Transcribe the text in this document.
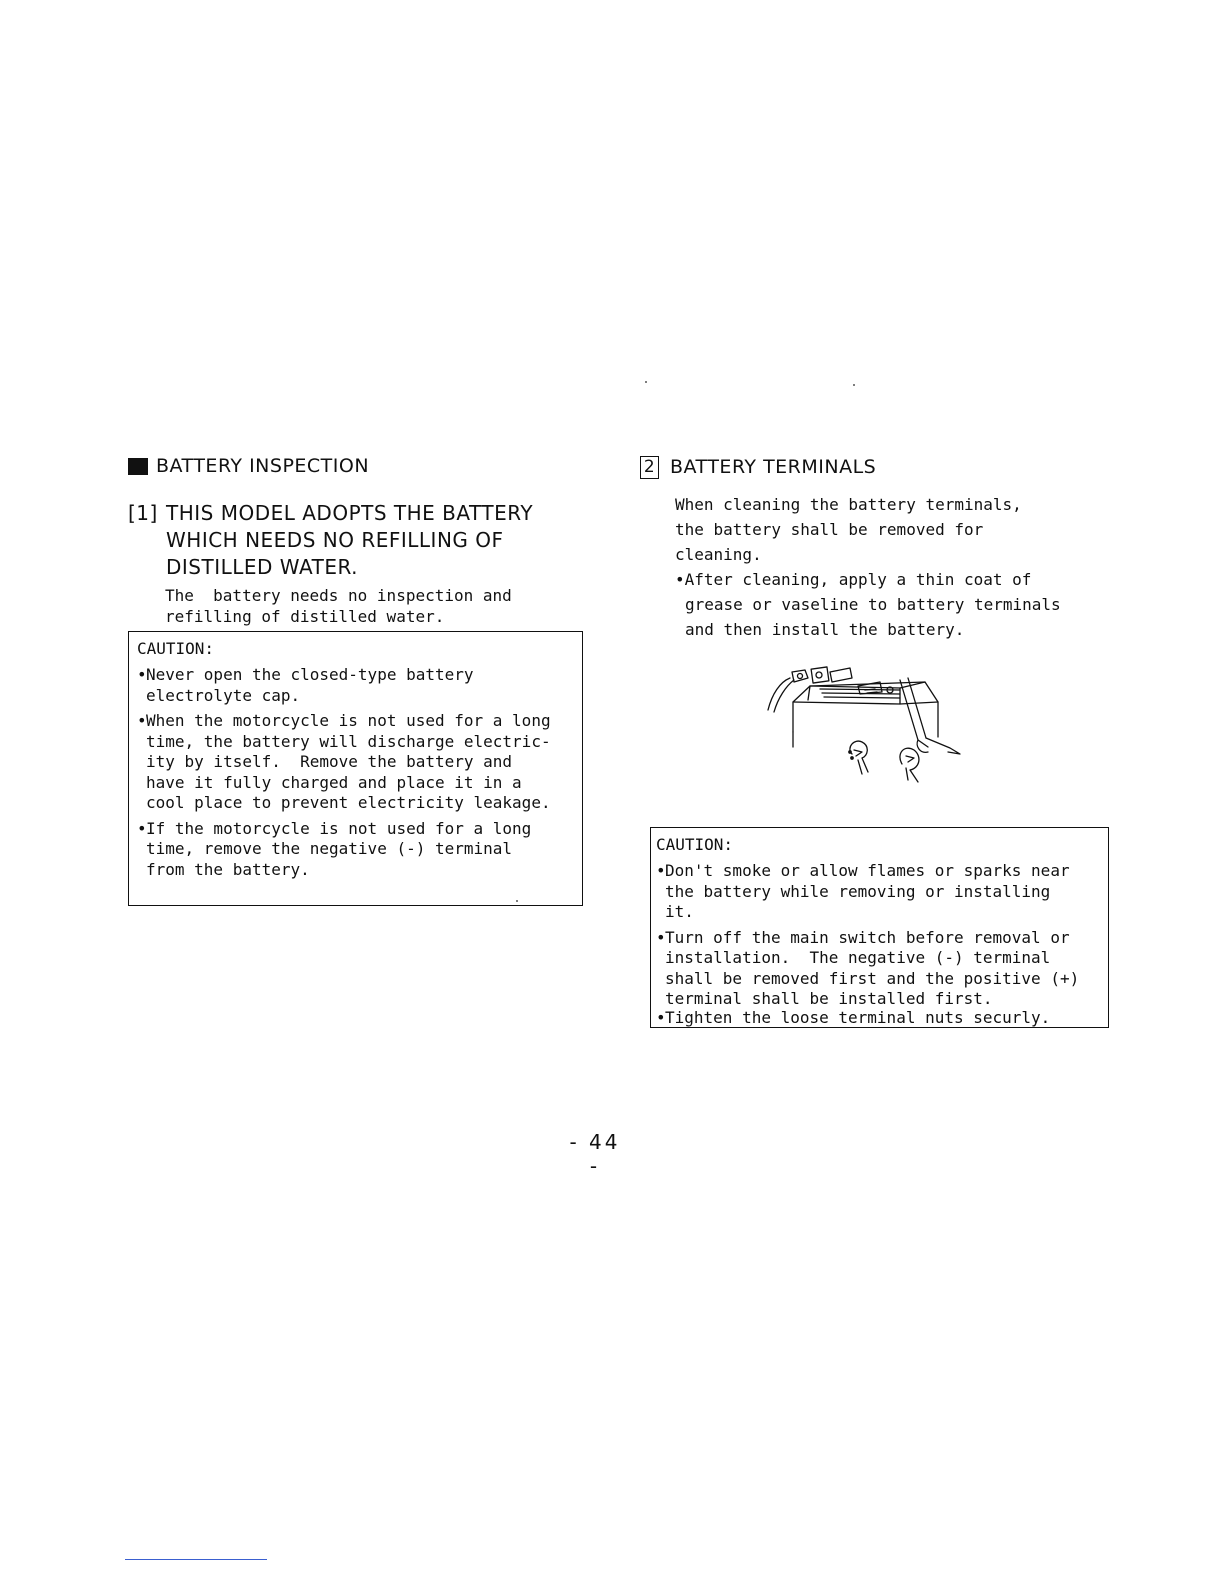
BATTERY INSPECTION
[1] THIS MODEL ADOPTS THE BATTERY
WHICH NEEDS NO REFILLING OF
DISTILLED WATER.
The  battery needs no inspection and
refilling of distilled water.
CAUTION:
• Never open the closed-type battery
electrolyte cap.
• When the motorcycle is not used for a long
time, the battery will discharge electric-
ity by itself.  Remove the battery and
have it fully charged and place it in a
cool place to prevent electricity leakage.
• If the motorcycle is not used for a long
time, remove the negative (-) terminal
from the battery.
2 BATTERY TERMINALS
When cleaning the battery terminals,
the battery shall be removed for
cleaning.
•After cleaning, apply a thin coat of
grease or vaseline to battery terminals
and then install the battery.
CAUTION:
• Don't smoke or allow flames or sparks near
the battery while removing or installing
it.
• Turn off the main switch before removal or
installation.  The negative (-) terminal
shall be removed first and the positive (+)
terminal shall be installed first.
• Tighten the loose terminal nuts securly.
- 44 -
